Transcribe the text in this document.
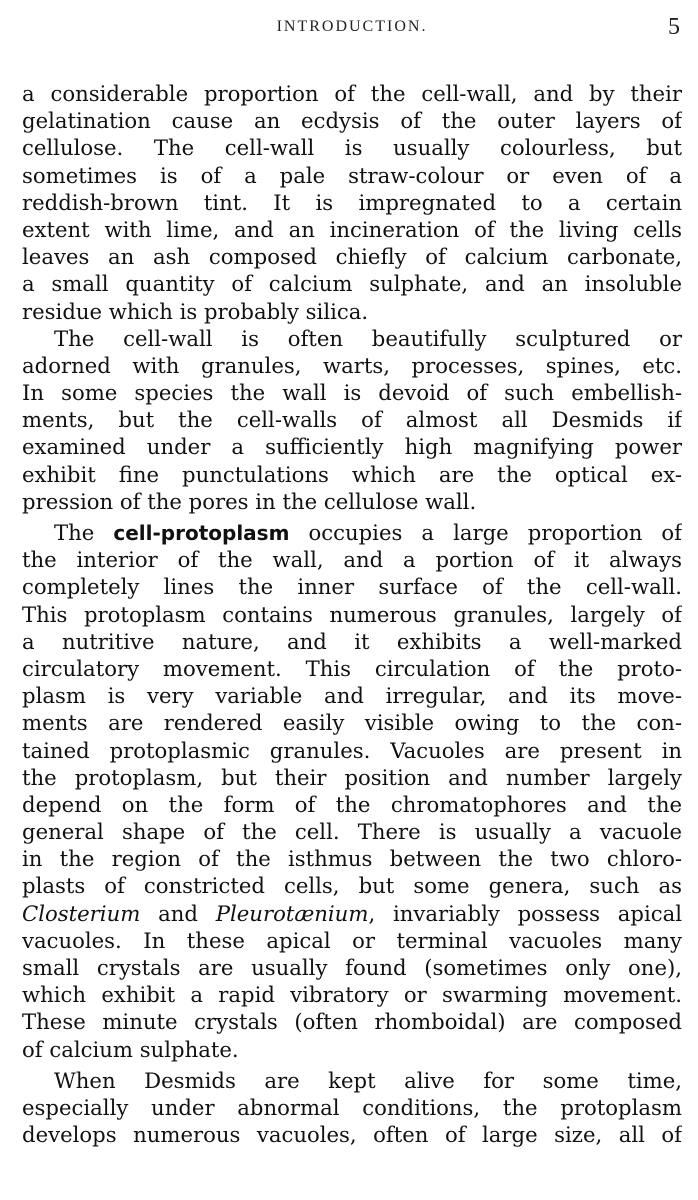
INTRODUCTION.	5
a considerable proportion of the cell-wall, and by their
gelatination cause an ecdysis of the outer layers of
cellulose. The cell-wall is usually colourless, but
sometimes is of a pale straw-colour or even of a
reddish-brown tint. It is impregnated to a certain
extent with lime, and an incineration of the living cells
leaves an ash composed chiefly of calcium carbonate,
a small quantity of calcium sulphate, and an insoluble
residue which is probably silica.
The cell-wall is often beautifully sculptured or
adorned with granules, warts, processes, spines, etc.
In some species the wall is devoid of such embellish-
ments, but the cell-walls of almost all Desmids if
examined under a sufficiently high magnifying power
exhibit fine punctulations which are the optical ex-
pression of the pores in the cellulose wall.
The cell-protoplasm occupies a large proportion of
the interior of the wall, and a portion of it always
completely lines the inner surface of the cell-wall.
This protoplasm contains numerous granules, largely of
a nutritive nature, and it exhibits a well-marked
circulatory movement. This circulation of the proto-
plasm is very variable and irregular, and its move-
ments are rendered easily visible owing to the con-
tained protoplasmic granules. Vacuoles are present in
the protoplasm, but their position and number largely
depend on the form of the chromatophores and the
general shape of the cell. There is usually a vacuole
in the region of the isthmus between the two chloro-
plasts of constricted cells, but some genera, such as
Closterium and Pleurotænium, invariably possess apical
vacuoles. In these apical or terminal vacuoles many
small crystals are usually found (sometimes only one),
which exhibit a rapid vibratory or swarming movement.
These minute crystals (often rhomboidal) are composed
of calcium sulphate.
When Desmids are kept alive for some time,
especially under abnormal conditions, the protoplasm
develops numerous vacuoles, often of large size, all of
